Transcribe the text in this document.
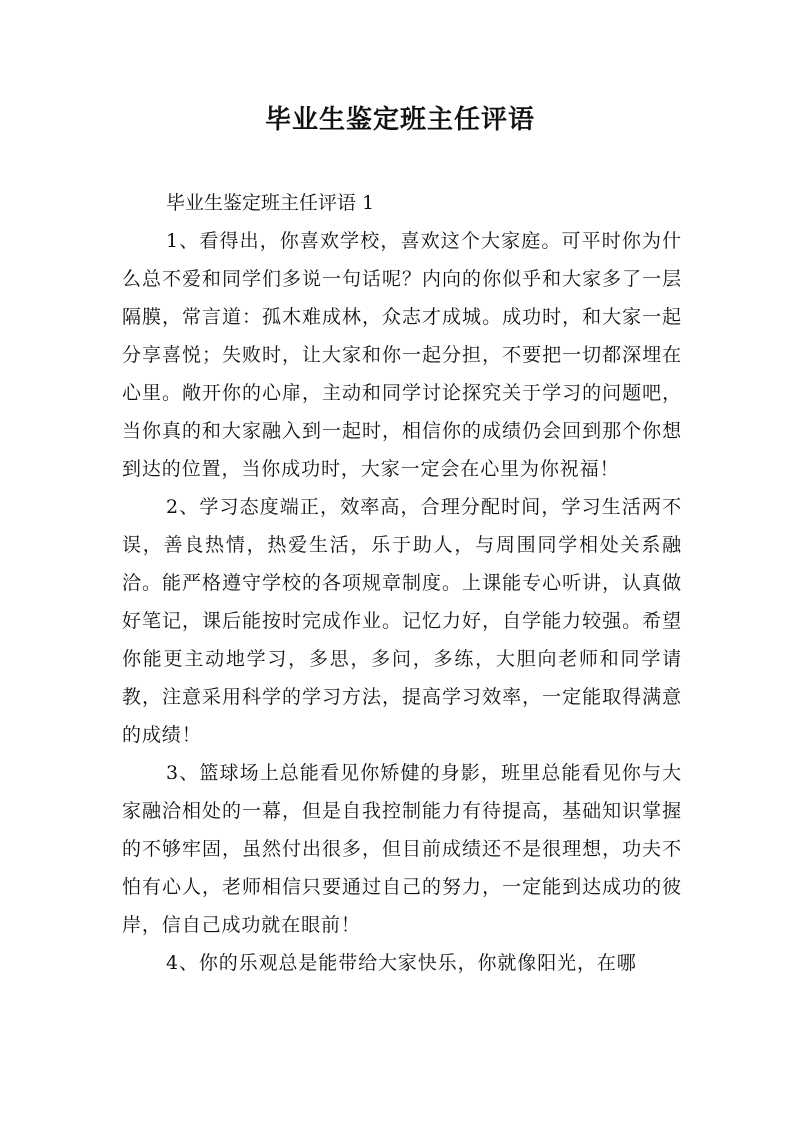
毕业生鉴定班主任评语

毕业生鉴定班主任评语 1

1、看得出，你喜欢学校，喜欢这个大家庭。可平时你为什么总不爱和同学们多说一句话呢？内向的你似乎和大家多了一层隔膜，常言道：孤木难成林，众志才成城。成功时，和大家一起分享喜悦；失败时，让大家和你一起分担，不要把一切都深埋在心里。敞开你的心扉，主动和同学讨论探究关于学习的问题吧，当你真的和大家融入到一起时，相信你的成绩仍会回到那个你想到达的位置，当你成功时，大家一定会在心里为你祝福！

2、学习态度端正，效率高，合理分配时间，学习生活两不误，善良热情，热爱生活，乐于助人，与周围同学相处关系融洽。能严格遵守学校的各项规章制度。上课能专心听讲，认真做好笔记，课后能按时完成作业。记忆力好，自学能力较强。希望你能更主动地学习，多思，多问，多练，大胆向老师和同学请教，注意采用科学的学习方法，提高学习效率，一定能取得满意的成绩！

3、篮球场上总能看见你矫健的身影，班里总能看见你与大家融洽相处的一幕，但是自我控制能力有待提高，基础知识掌握的不够牢固，虽然付出很多，但目前成绩还不是很理想，功夫不怕有心人，老师相信只要通过自己的努力，一定能到达成功的彼岸，信自己成功就在眼前！

4、你的乐观总是能带给大家快乐，你就像阳光，在哪
